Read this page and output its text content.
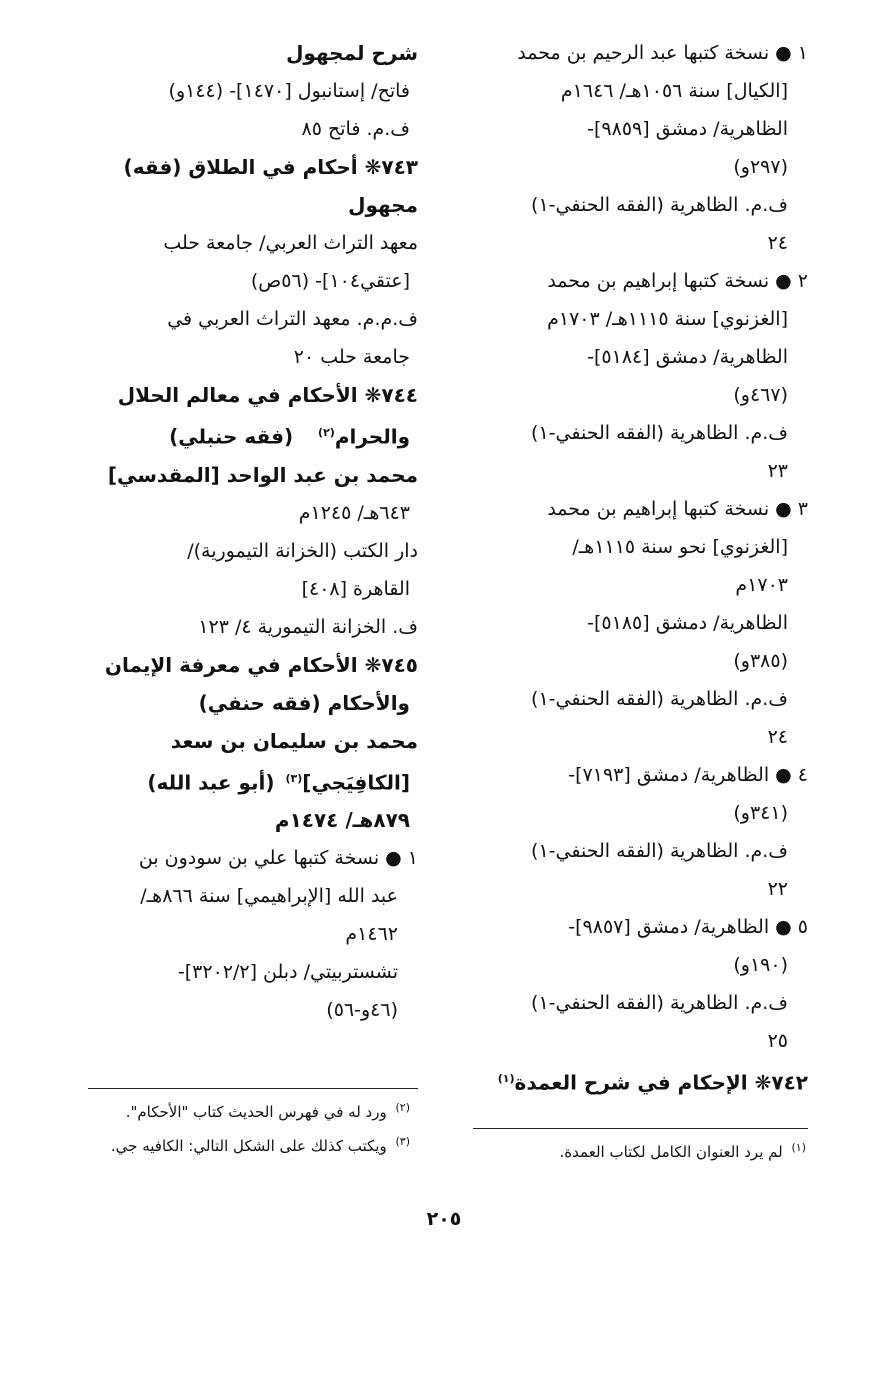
١ ● نسخة كتبها عبد الرحيم بن محمد
[الكيال] سنة ١٠٥٦هـ/ ١٦٤٦م
الظاهرية/ دمشق [٩٨٥٩]-
(٢٩٧و)
ف.م. الظاهرية (الفقه الحنفي-١)
٢٤
٢ ● نسخة كتبها إبراهيم بن محمد
[الغزنوي] سنة ١١١٥هـ/ ١٧٠٣م
الظاهرية/ دمشق [٥١٨٤]-
(٤٦٧و)
ف.م. الظاهرية (الفقه الحنفي-١)
٢٣
٣ ● نسخة كتبها إبراهيم بن محمد
[الغزنوي] نحو سنة ١١١٥هـ/
١٧٠٣م
الظاهرية/ دمشق [٥١٨٥]-
(٣٨٥و)
ف.م. الظاهرية (الفقه الحنفي-١)
٢٤
٤ ● الظاهرية/ دمشق [٧١٩٣]-
(٣٤١و)
ف.م. الظاهرية (الفقه الحنفي-١)
٢٢
٥ ● الظاهرية/ دمشق [٩٨٥٧]-
(١٩٠و)
ف.م. الظاهرية (الفقه الحنفي-١)
٢٥
٧٤٢❋ الإحكام في شرح العمدة$^{(١)}$
شرح لمجهول
فاتح/ إستانبول [١٤٧٠]- (١٤٤و)
ف.م. فاتح ٨٥
٧٤٣❋ أحكام في الطلاق (فقه)
مجهول
معهد التراث العربي/ جامعة حلب
[عتقي١٠٤]- (٥٦ص)
ف.م.م. معهد التراث العربي في
جامعة حلب ٢٠
٧٤٤❋ الأحكام في معالم الحلال
والحرام$^{(٢)}$   (فقه حنبلي)
محمد بن عبد الواحد [المقدسي]
٦٤٣هـ/ ١٢٤٥م
دار الكتب (الخزانة التيمورية)/
القاهرة [٤٠٨]
ف. الخزانة التيمورية ٤/ ١٢٣
٧٤٥❋ الأحكام في معرفة الإيمان
والأحكام (فقه حنفي)
محمد بن سليمان بن سعد
[الكافِيَجي]$^{(٣)}$ (أبو عبد الله)
٨٧٩هـ/ ١٤٧٤م
١ ● نسخة كتبها علي بن سودون بن
عبد الله [الإبراهيمي] سنة ٨٦٦هـ/
١٤٦٢م
تشستربيتي/ دبلن [٣٢٠٢/٢]-
(٤٦و-٥٦)
$^{(١)}$ لم يرد العنوان الكامل لكتاب العمدة.
$^{(٢)}$ ورد له في فهرس الحديث كتاب "الأحكام".
$^{(٣)}$ ويكتب كذلك على الشكل التالي: الكافيه جي.
٢٠٥
